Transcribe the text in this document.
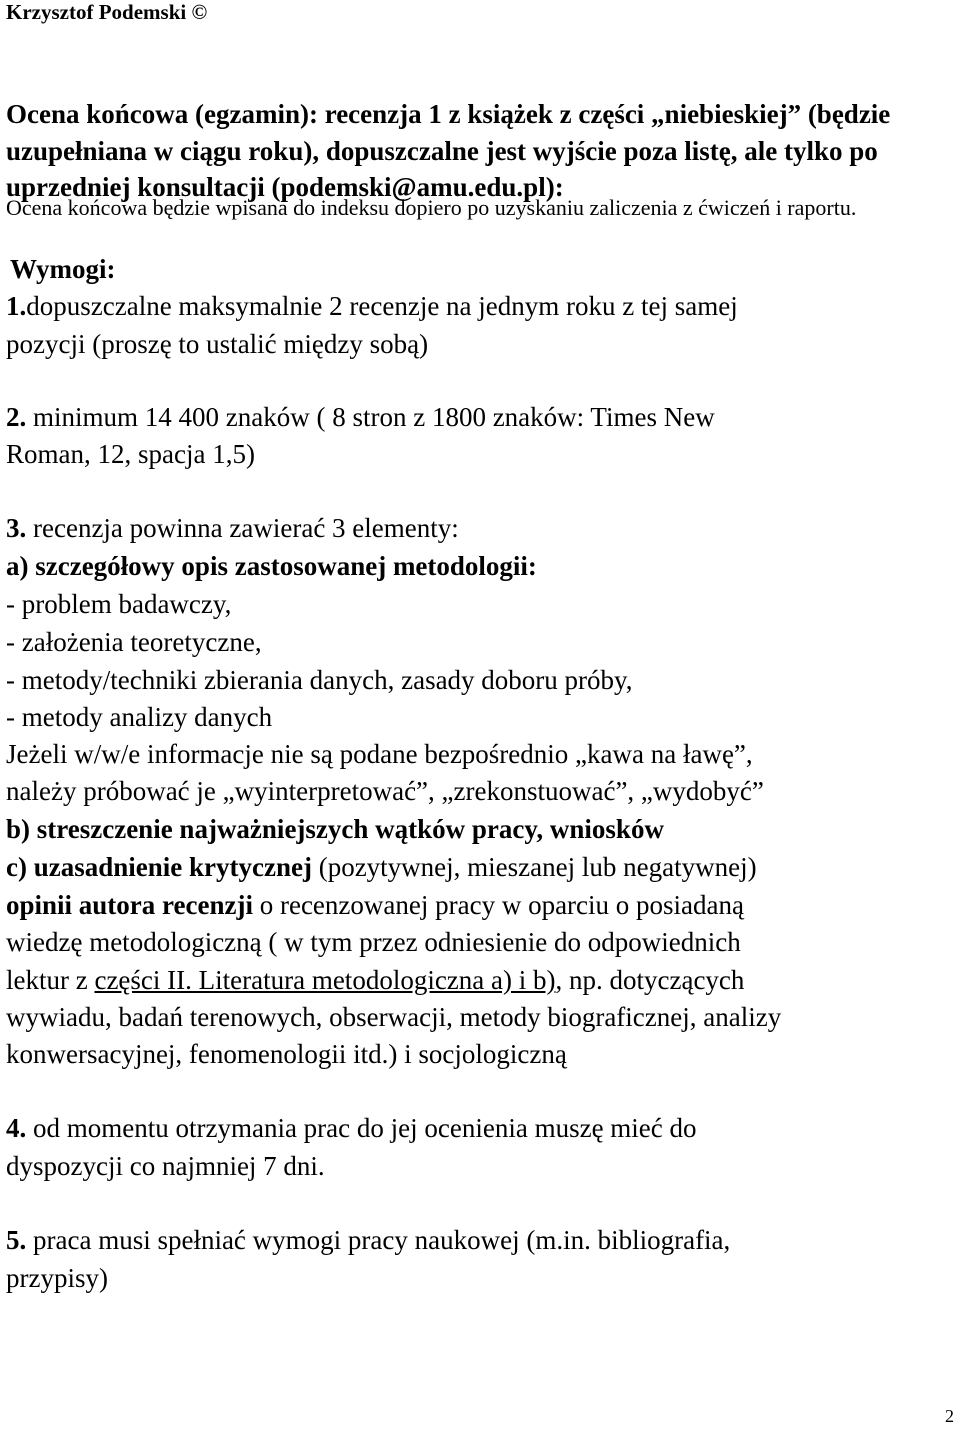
Krzysztof Podemski ©
Ocena końcowa (egzamin): recenzja 1 z książek z części „niebieskiej” (będzie
uzupełniana w ciągu roku), dopuszczalne jest wyjście poza listę, ale tylko po
uprzedniej konsultacji (podemski@amu.edu.pl):
Ocena końcowa będzie wpisana do indeksu dopiero po uzyskaniu zaliczenia z ćwiczeń i raportu.
Wymogi:
1.dopuszczalne maksymalnie 2 recenzje na jednym roku z tej samej
pozycji (proszę to ustalić między sobą)
2. minimum 14 400 znaków ( 8 stron z 1800 znaków: Times New
Roman, 12, spacja 1,5)
3. recenzja powinna zawierać 3 elementy:
a) szczegółowy opis zastosowanej metodologii:
- problem badawczy,
- założenia teoretyczne,
- metody/techniki zbierania danych, zasady doboru próby,
- metody analizy danych
Jeżeli w/w/e informacje nie są podane bezpośrednio „kawa na ławę”,
należy próbować je „wyinterpretować”, „zrekonstuować”, „wydobyć”
b) streszczenie najważniejszych wątków pracy, wniosków
c) uzasadnienie krytycznej (pozytywnej, mieszanej lub negatywnej)
opinii autora recenzji o recenzowanej pracy w oparciu o posiadaną
wiedzę metodologiczną ( w tym przez odniesienie do odpowiednich
lektur z części II. Literatura metodologiczna a) i b), np. dotyczących
wywiadu, badań terenowych, obserwacji, metody biograficznej, analizy
konwersacyjnej, fenomenologii itd.) i socjologiczną
4. od momentu otrzymania prac do jej ocenienia muszę mieć do
dyspozycji co najmniej 7 dni.
5. praca musi spełniać wymogi pracy naukowej (m.in. bibliografia,
przypisy)
2
